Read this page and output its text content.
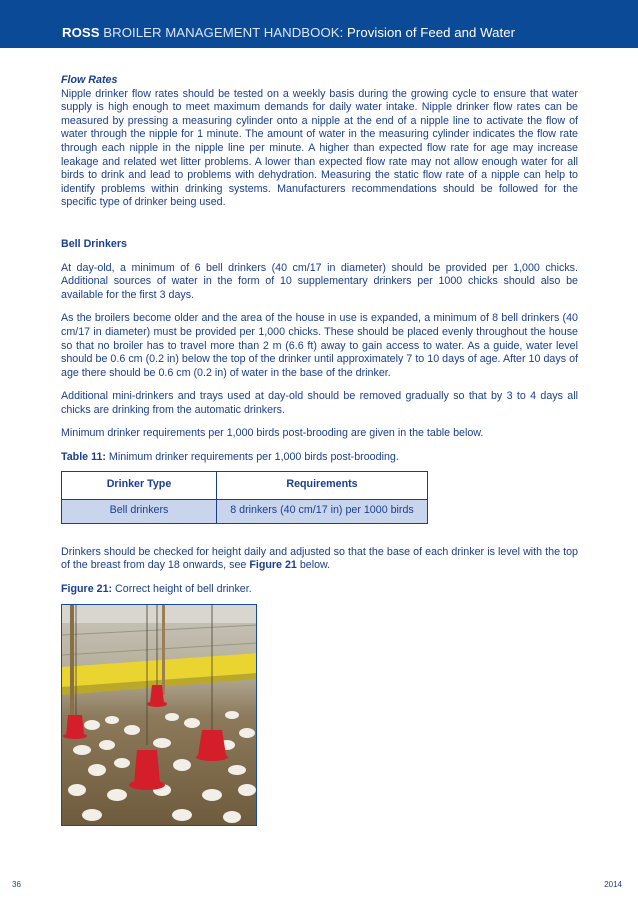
ROSS BROILER MANAGEMENT HANDBOOK: Provision of Feed and Water
Flow Rates
Nipple drinker flow rates should be tested on a weekly basis during the growing cycle to ensure that water supply is high enough to meet maximum demands for daily water intake. Nipple drinker flow rates can be measured by pressing a measuring cylinder onto a nipple at the end of a nipple line to activate the flow of water through the nipple for 1 minute. The amount of water in the measuring cylinder indicates the flow rate through each nipple in the nipple line per minute. A higher than expected flow rate for age may increase leakage and related wet litter problems. A lower than expected flow rate may not allow enough water for all birds to drink and lead to problems with dehydration. Measuring the static flow rate of a nipple can help to identify problems within drinking systems. Manufacturers recommendations should be followed for the specific type of drinker being used.
Bell Drinkers
At day-old, a minimum of 6 bell drinkers (40 cm/17 in diameter) should be provided per 1,000 chicks. Additional sources of water in the form of 10 supplementary drinkers per 1000 chicks should also be available for the first 3 days.
As the broilers become older and the area of the house in use is expanded, a minimum of 8 bell drinkers (40 cm/17 in diameter) must be provided per 1,000 chicks. These should be placed evenly throughout the house so that no broiler has to travel more than 2 m (6.6 ft) away to gain access to water. As a guide, water level should be 0.6 cm (0.2 in) below the top of the drinker until approximately 7 to 10 days of age. After 10 days of age there should be 0.6 cm (0.2 in) of water in the base of the drinker.
Additional mini-drinkers and trays used at day-old should be removed gradually so that by 3 to 4 days all chicks are drinking from the automatic drinkers.
Minimum drinker requirements per 1,000 birds post-brooding are given in the table below.
Table 11: Minimum drinker requirements per 1,000 birds post-brooding.
Drinker Type	Requirements
Bell drinkers	8 drinkers (40 cm/17 in) per 1000 birds
Drinkers should be checked for height daily and adjusted so that the base of each drinker is level with the top of the breast from day 18 onwards, see Figure 21 below.
Figure 21: Correct height of bell drinker.
36	2014
